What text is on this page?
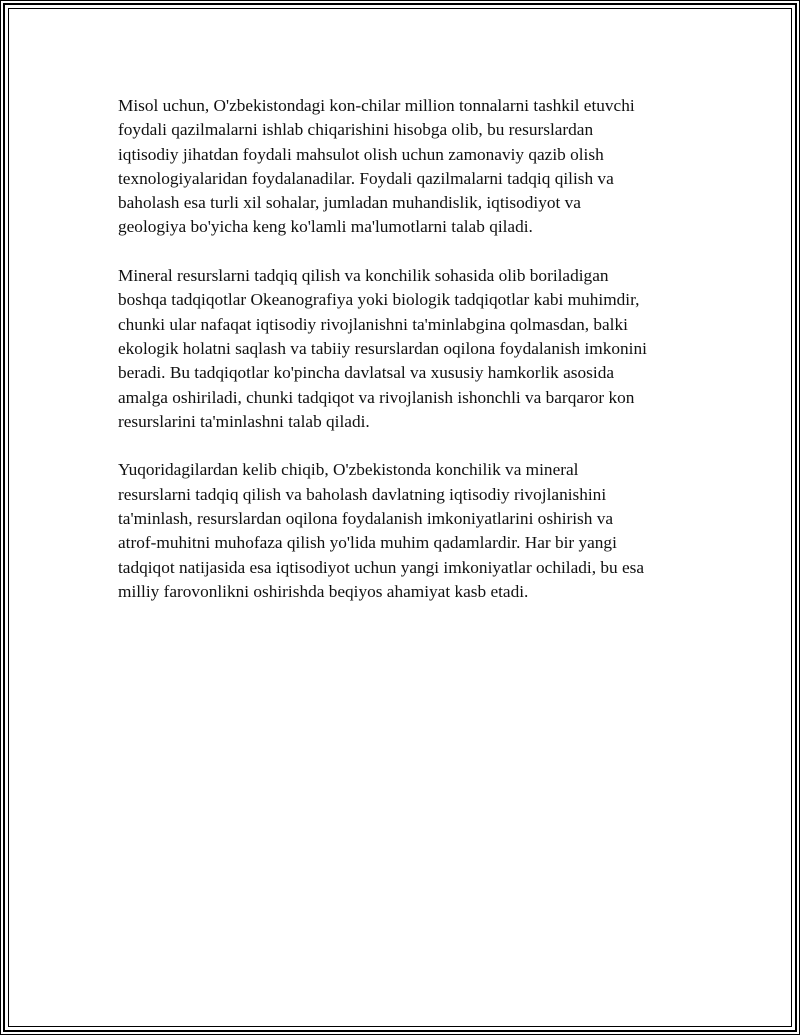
Misol uchun, O'zbekistondagi kon-chilar million tonnalarni tashkil etuvchi
foydali qazilmalarni ishlab chiqarishini hisobga olib, bu resurslardan
iqtisodiy jihatdan foydali mahsulot olish uchun zamonaviy qazib olish
texnologiyalaridan foydalanadilar. Foydali qazilmalarni tadqiq qilish va
baholash esa turli xil sohalar, jumladan muhandislik, iqtisodiyot va
geologiya bo'yicha keng ko'lamli ma'lumotlarni talab qiladi.

Mineral resurslarni tadqiq qilish va konchilik sohasida olib boriladigan
boshqa tadqiqotlar Okeanografiya yoki biologik tadqiqotlar kabi muhimdir,
chunki ular nafaqat iqtisodiy rivojlanishni ta'minlabgina qolmasdan, balki
ekologik holatni saqlash va tabiiy resurslardan oqilona foydalanish imkonini
beradi. Bu tadqiqotlar ko'pincha davlatsal va xususiy hamkorlik asosida
amalga oshiriladi, chunki tadqiqot va rivojlanish ishonchli va barqaror kon
resurslarini ta'minlashni talab qiladi.

Yuqoridagilardan kelib chiqib, O'zbekistonda konchilik va mineral
resurslarni tadqiq qilish va baholash davlatning iqtisodiy rivojlanishini
ta'minlash, resurslardan oqilona foydalanish imkoniyatlarini oshirish va
atrof-muhitni muhofaza qilish yo'lida muhim qadamlardir. Har bir yangi
tadqiqot natijasida esa iqtisodiyot uchun yangi imkoniyatlar ochiladi, bu esa
milliy farovonlikni oshirishda beqiyos ahamiyat kasb etadi.
